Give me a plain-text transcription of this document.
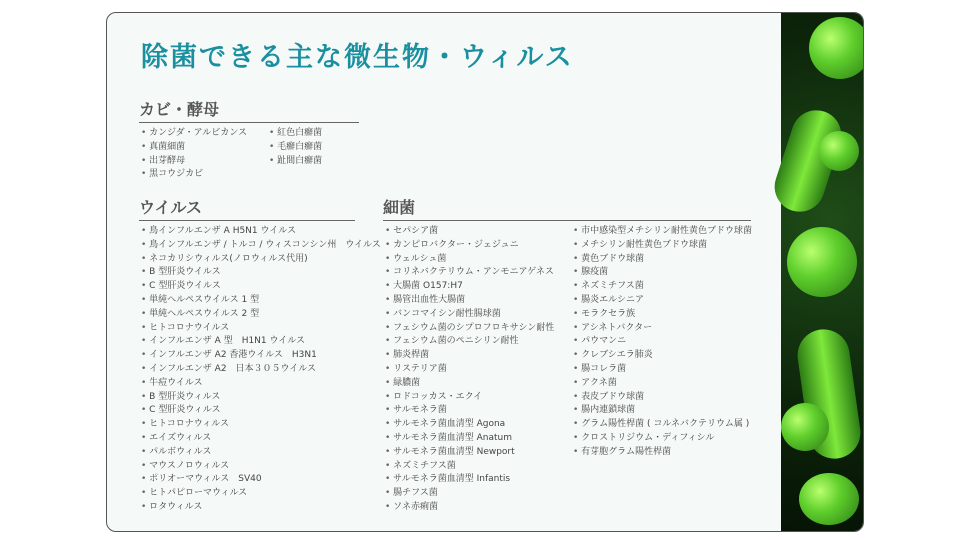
除菌できる主な微生物・ウィルス
カビ・酵母
• カンジダ・アルビカンス
• 真菌細菌
• 出芽酵母
• 黒コウジカビ
• 紅色白癬菌
• 毛癬白癬菌
• 趾間白癬菌
ウイルス
• 鳥インフルエンザ A H5N1 ウイルス
• 鳥インフルエンザ / トルコ / ウィスコンシン州　ウイルス
• ネコカリシウィルス(ノロウィルス代用)
• B 型肝炎ウイルス
• C 型肝炎ウイルス
• 単純ヘルペスウイルス 1 型
• 単純ヘルペスウイルス 2 型
• ヒトコロナウイルス
• インフルエンザ A 型　H1N1 ウイルス
• インフルエンザ A2 香港ウイルス　H3N1
• インフルエンザ A2　日本３０５ウイルス
• 牛痘ウイルス
• B 型肝炎ウィルス
• C 型肝炎ウィルス
• ヒトコロナウィルス
• エイズウィルス
• パルボウィルス
• マウスノロウィルス
• ポリオーマウィルス　SV40
• ヒトパピローマウィルス
• ロタウィルス
細菌
• セパシア菌
• カンピロバクター・ジェジュニ
• ウェルシュ菌
• コリネバクテリウム・アンモニアゲネス
• 大腸菌 O157:H7
• 腸管出血性大腸菌
• バンコマイシン耐性腸球菌
• フェシウム菌のシプロフロキサシン耐性
• フェシウム菌のペニシリン耐性
• 肺炎桿菌
• リステリア菌
• 緑膿菌
• ロドコッカス・エクイ
• サルモネラ菌
• サルモネラ菌血清型 Agona
• サルモネラ菌血清型 Anatum
• サルモネラ菌血清型 Newport
• ネズミチフス菌
• サルモネラ菌血清型 Infantis
• 腸チフス菌
• ソネ赤痢菌
• 市中感染型メチシリン耐性黄色ブドウ球菌
• メチシリン耐性黄色ブドウ球菌
• 黄色ブドウ球菌
• 腺疫菌
• ネズミチフス菌
• 腸炎エルシニア
• モラクセラ族
• アシネトバクター
• パウマンニ
• クレブシエラ肺炎
• 腸コレラ菌
• アクネ菌
• 表皮ブドウ球菌
• 腸内連鎖球菌
• グラム陽性桿菌 ( コルネバクテリウム属 )
• クロストリジウム・ディフィシル
• 有芽胞グラム陽性桿菌
